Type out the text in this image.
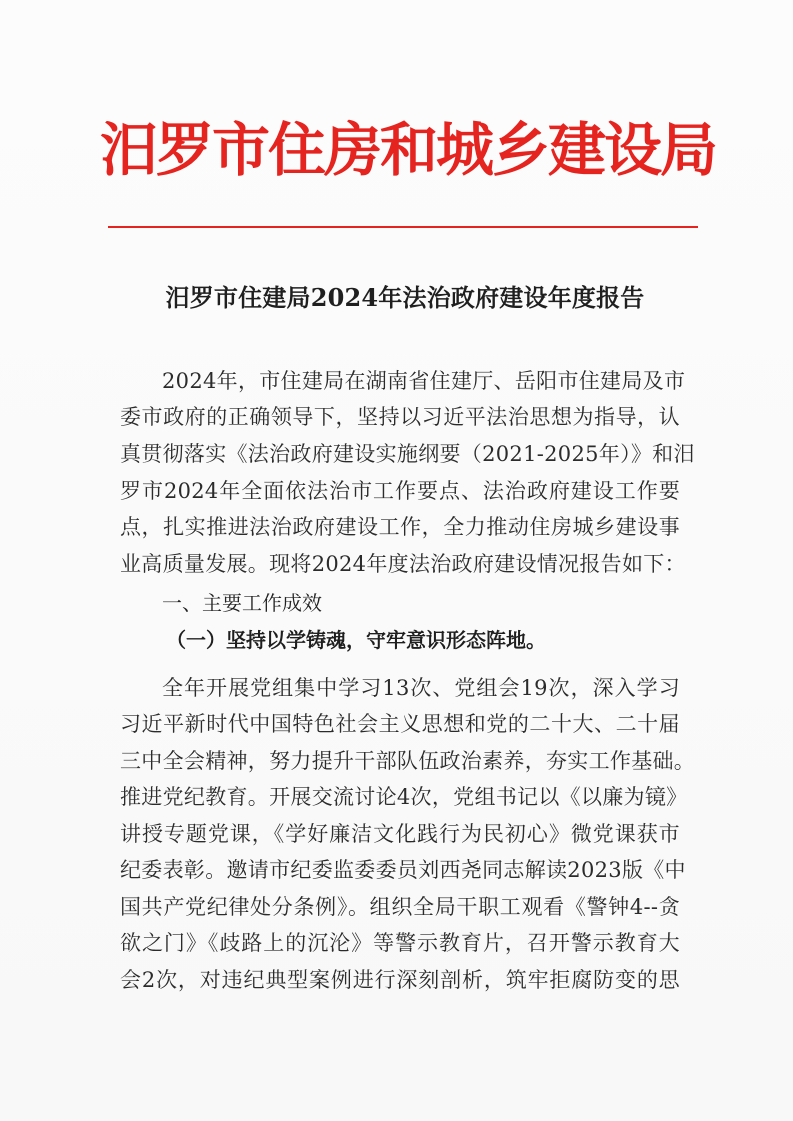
汨罗市住房和城乡建设局
汨罗市住建局2024年法治政府建设年度报告
2024年，市住建局在湖南省住建厅、岳阳市住建局及市
委市政府的正确领导下，坚持以习近平法治思想为指导，认
真贯彻落实《法治政府建设实施纲要（2021-2025年）》和汨
罗市2024年全面依法治市工作要点、法治政府建设工作要
点，扎实推进法治政府建设工作，全力推动住房城乡建设事
业高质量发展。现将2024年度法治政府建设情况报告如下：
一、主要工作成效
（一）坚持以学铸魂，守牢意识形态阵地。
全年开展党组集中学习13次、党组会19次，深入学习
习近平新时代中国特色社会主义思想和党的二十大、二十届
三中全会精神，努力提升干部队伍政治素养，夯实工作基础。
推进党纪教育。开展交流讨论4次，党组书记以《以廉为镜》
讲授专题党课，《学好廉洁文化践行为民初心》微党课获市
纪委表彰。邀请市纪委监委委员刘西尧同志解读2023版《中
国共产党纪律处分条例》。组织全局干职工观看《警钟4--贪
欲之门》《歧路上的沉沦》等警示教育片，召开警示教育大
会2次，对违纪典型案例进行深刻剖析，筑牢拒腐防变的思
